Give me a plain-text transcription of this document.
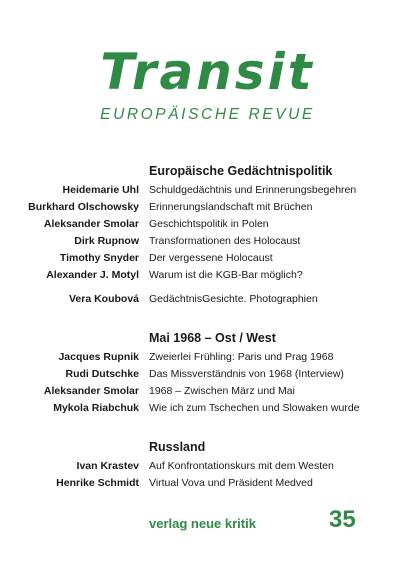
Transit
EUROPÄISCHE REVUE
Europäische Gedächtnispolitik
Heidemarie Uhl Schuldgedächtnis und Erinnerungsbegehren
Burkhard Olschowsky Erinnerungslandschaft mit Brüchen
Aleksander Smolar Geschichtspolitik in Polen
Dirk Rupnow Transformationen des Holocaust
Timothy Snyder Der vergessene Holocaust
Alexander J. Motyl Warum ist die KGB-Bar möglich?
Vera Koubová GedächtnisGesichte. Photographien
Mai 1968 – Ost / West
Jacques Rupnik Zweierlei Frühling: Paris und Prag 1968
Rudi Dutschke Das Missverständnis von 1968 (Interview)
Aleksander Smolar 1968 – Zwischen März und Mai
Mykola Riabchuk Wie ich zum Tschechen und Slowaken wurde
Russland
Ivan Krastev Auf Konfrontationskurs mit dem Westen
Henrike Schmidt Virtual Vova und Präsident Medved
verlag neue kritik	35
